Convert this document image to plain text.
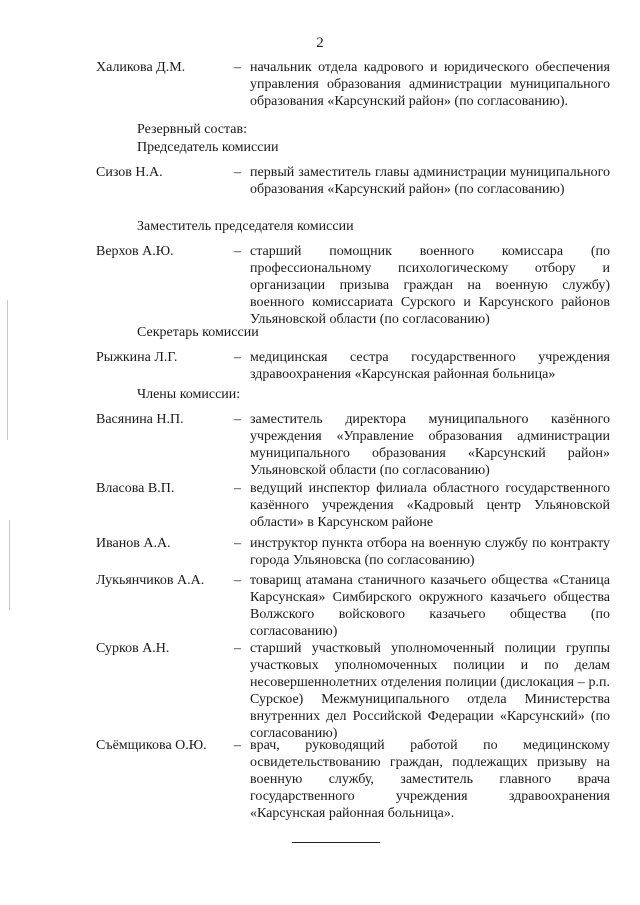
2
Халикова Д.М.	– начальник отдела кадрового и юридического обеспечения управления образования администрации муниципального образования «Карсунский район» (по согласованию).
Резервный состав:
Председатель комиссии
Сизов Н.А.	– первый заместитель главы администрации муниципального образования «Карсунский район» (по согласованию)
Заместитель председателя комиссии
Верхов А.Ю.	– старший помощник военного комиссара (по профессиональному психологическому отбору и организации призыва граждан на военную службу) военного комиссариата Сурского и Карсунского районов Ульяновской области (по согласованию)
Секретарь комиссии
Рыжкина Л.Г.	– медицинская сестра государственного учреждения здравоохранения «Карсунская районная больница»
Члены комиссии:
Васянина Н.П.	– заместитель директора муниципального казённого учреждения «Управление образования администрации муниципального образования «Карсунский район» Ульяновской области (по согласованию)
Власова В.П.	– ведущий инспектор филиала областного государственного казённого учреждения «Кадровый центр Ульяновской области» в Карсунском районе
Иванов А.А.	– инструктор пункта отбора на военную службу по контракту города Ульяновска (по согласованию)
Лукьянчиков А.А.	– товарищ атамана станичного казачьего общества «Станица Карсунская» Симбирского окружного казачьего общества Волжского войскового казачьего общества (по согласованию)
Сурков А.Н.	– старший участковый уполномоченный полиции группы участковых уполномоченных полиции и по делам несовершеннолетних отделения полиции (дислокация – р.п. Сурское) Межмуниципального отдела Министерства внутренних дел Российской Федерации «Карсунский» (по согласованию)
Съёмщикова О.Ю.	– врач, руководящий работой по медицинскому освидетельствованию граждан, подлежащих призыву на военную службу, заместитель главного врача государственного учреждения здравоохранения «Карсунская районная больница».
